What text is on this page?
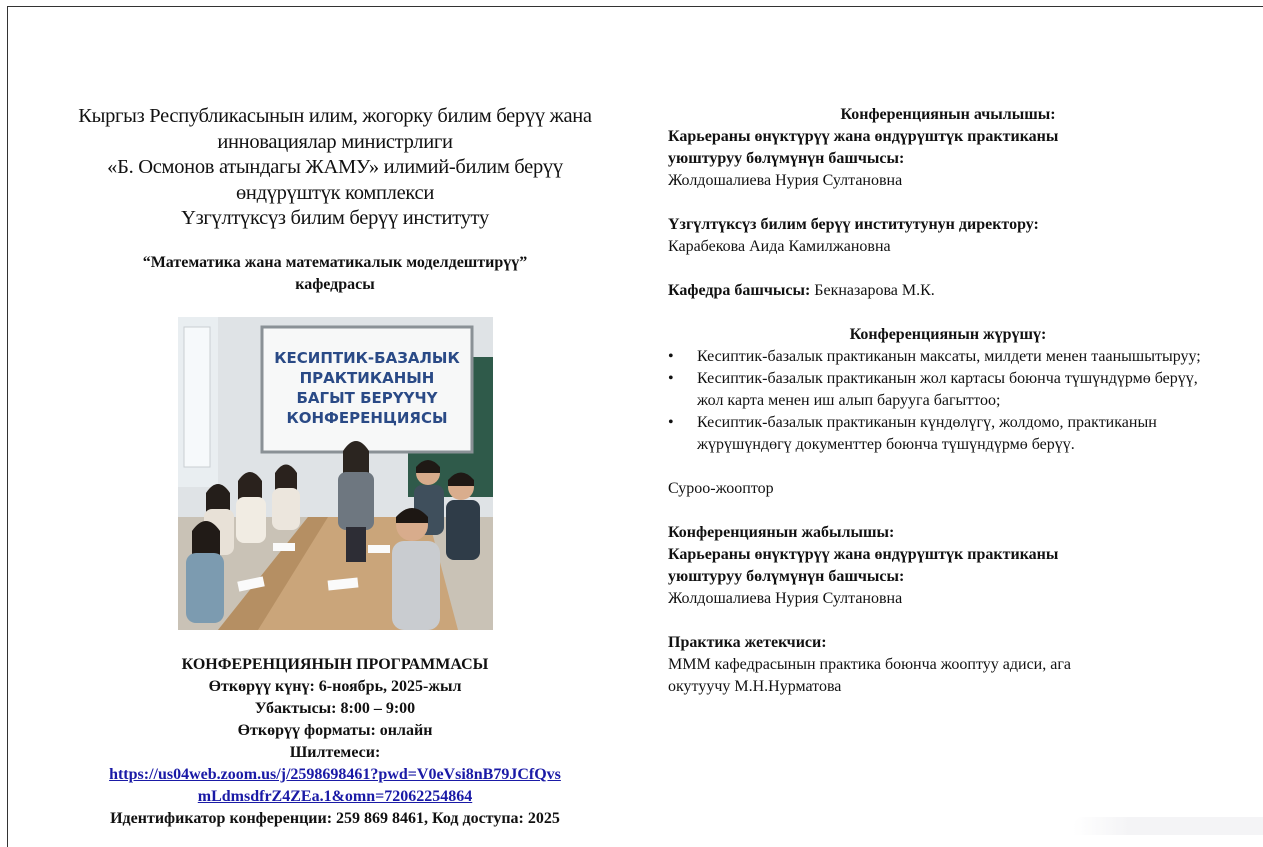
Кыргыз Республикасынын илим, жогорку билим берүү жана
инновациялар министрлиги
«Б. Осмонов атындагы ЖАМУ» илимий-билим берүү
өндүрүштүк комплекси
Үзгүлтүксүз билим берүү институту
“Математика жана математикалык моделдештирүү”
кафедрасы
КЕСИПТИК-БАЗАЛЫК
ПРАКТИКАНЫН
БАГЫТ БЕРҮҮЧҮ
КОНФЕРЕНЦИЯСЫ
КОНФЕРЕНЦИЯНЫН ПРОГРАММАСЫ
Өткөрүү күнү: 6-ноябрь, 2025-жыл
Убактысы: 8:00 – 9:00
Өткөрүү форматы: онлайн
Шилтемеси:
https://us04web.zoom.us/j/2598698461?pwd=V0eVsi8nB79JCfQvs
mLdmsdfrZ4ZEa.1&omn=72062254864
Идентификатор конференции: 259 869 8461, Код доступа: 2025
Конференциянын ачылышы:
Карьераны өнүктүрүү жана өндүрүштүк практиканы
уюштуруу бөлүмүнүн башчысы:
Жолдошалиева Нурия Султановна
Үзгүлтүксүз билим берүү институтунун директору:
Карабекова Аида Камилжановна
Кафедра башчысы: Бекназарова М.К.
Конференциянын жүрүшү:
• Кесиптик-базалык практиканын максаты, милдети менен таанышытыруу;
• Кесиптик-базалык практиканын жол картасы боюнча түшүндүрмө берүү, жол карта менен иш алып барууга багыттоо;
• Кесиптик-базалык практиканын күндөлүгү, жолдомо, практиканын жүрүшүндөгү документтер боюнча түшүндүрмө берүү.
Суроо-жооптор
Конференциянын жабылышы:
Карьераны өнүктүрүү жана өндүрүштүк практиканы
уюштуруу бөлүмүнүн башчысы:
Жолдошалиева Нурия Султановна
Практика жетекчиси:
МММ кафедрасынын практика боюнча жооптуу адиси, ага
окутуучу М.Н.Нурматова
